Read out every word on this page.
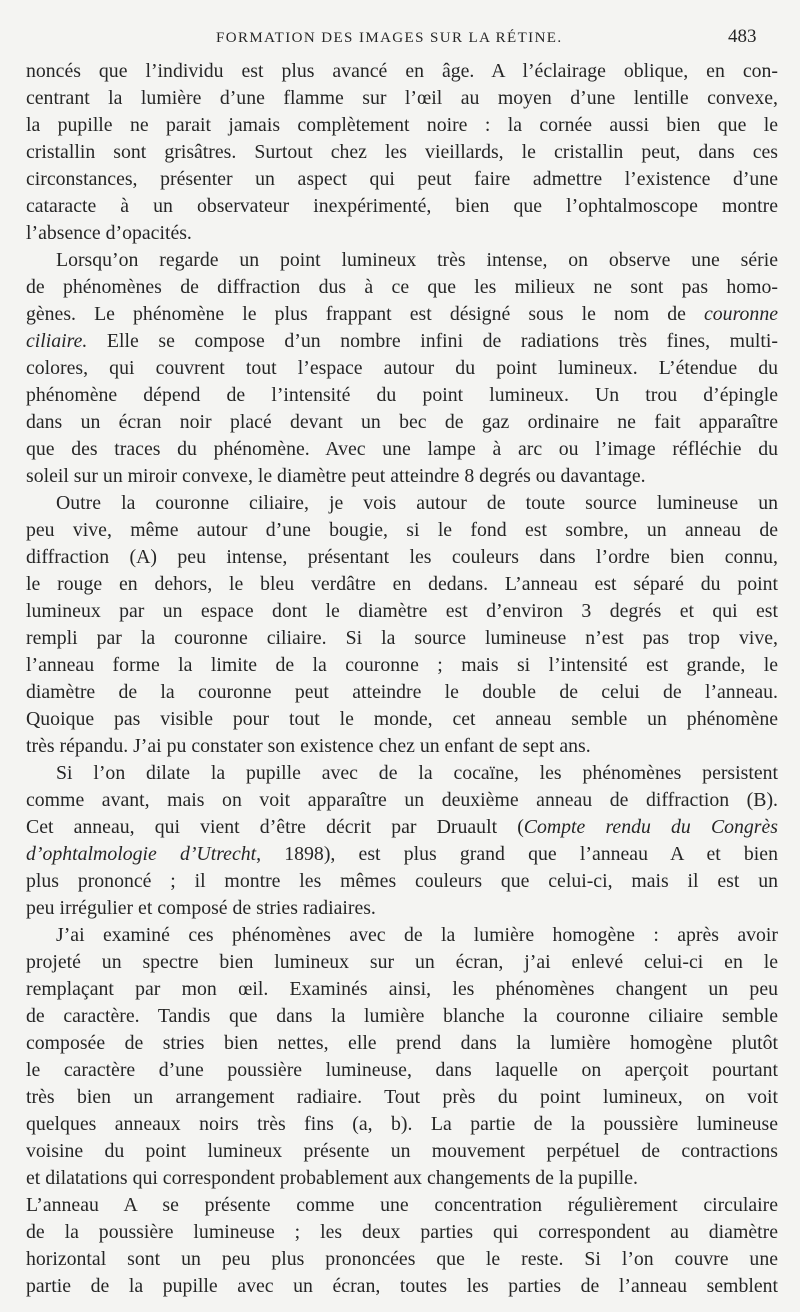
FORMATION DES IMAGES SUR LA RÉTINE.	483
noncés que l’individu est plus avancé en âge. A l’éclairage oblique, en con-
centrant la lumière d’une flamme sur l’œil au moyen d’une lentille convexe,
la pupille ne parait jamais complètement noire : la cornée aussi bien que le
cristallin sont grisâtres. Surtout chez les vieillards, le cristallin peut, dans ces
circonstances, présenter un aspect qui peut faire admettre l’existence d’une
cataracte à un observateur inexpérimenté, bien que l’ophtalmoscope montre
l’absence d’opacités.
Lorsqu’on regarde un point lumineux très intense, on observe une série
de phénomènes de diffraction dus à ce que les milieux ne sont pas homo-
gènes. Le phénomène le plus frappant est désigné sous le nom de couronne
ciliaire. Elle se compose d’un nombre infini de radiations très fines, multi-
colores, qui couvrent tout l’espace autour du point lumineux. L’étendue du
phénomène dépend de l’intensité du point lumineux. Un trou d’épingle
dans un écran noir placé devant un bec de gaz ordinaire ne fait apparaître
que des traces du phénomène. Avec une lampe à arc ou l’image réfléchie du
soleil sur un miroir convexe, le diamètre peut atteindre 8 degrés ou davantage.
Outre la couronne ciliaire, je vois autour de toute source lumineuse un
peu vive, même autour d’une bougie, si le fond est sombre, un anneau de
diffraction (A) peu intense, présentant les couleurs dans l’ordre bien connu,
le rouge en dehors, le bleu verdâtre en dedans. L’anneau est séparé du point
lumineux par un espace dont le diamètre est d’environ 3 degrés et qui est
rempli par la couronne ciliaire. Si la source lumineuse n’est pas trop vive,
l’anneau forme la limite de la couronne ; mais si l’intensité est grande, le
diamètre de la couronne peut atteindre le double de celui de l’anneau.
Quoique pas visible pour tout le monde, cet anneau semble un phénomène
très répandu. J’ai pu constater son existence chez un enfant de sept ans.
Si l’on dilate la pupille avec de la cocaïne, les phénomènes persistent
comme avant, mais on voit apparaître un deuxième anneau de diffraction (B).
Cet anneau, qui vient d’être décrit par Druault (Compte rendu du Congrès
d’ophtalmologie d’Utrecht, 1898), est plus grand que l’anneau A et bien
plus prononcé ; il montre les mêmes couleurs que celui-ci, mais il est un
peu irrégulier et composé de stries radiaires.
J’ai examiné ces phénomènes avec de la lumière homogène : après avoir
projeté un spectre bien lumineux sur un écran, j’ai enlevé celui-ci en le
remplaçant par mon œil. Examinés ainsi, les phénomènes changent un peu
de caractère. Tandis que dans la lumière blanche la couronne ciliaire semble
composée de stries bien nettes, elle prend dans la lumière homogène plutôt
le caractère d’une poussière lumineuse, dans laquelle on aperçoit pourtant
très bien un arrangement radiaire. Tout près du point lumineux, on voit
quelques anneaux noirs très fins (a, b). La partie de la poussière lumineuse
voisine du point lumineux présente un mouvement perpétuel de contractions
et dilatations qui correspondent probablement aux changements de la pupille.
L’anneau A se présente comme une concentration régulièrement circulaire
de la poussière lumineuse ; les deux parties qui correspondent au diamètre
horizontal sont un peu plus prononcées que le reste. Si l’on couvre une
partie de la pupille avec un écran, toutes les parties de l’anneau semblent
